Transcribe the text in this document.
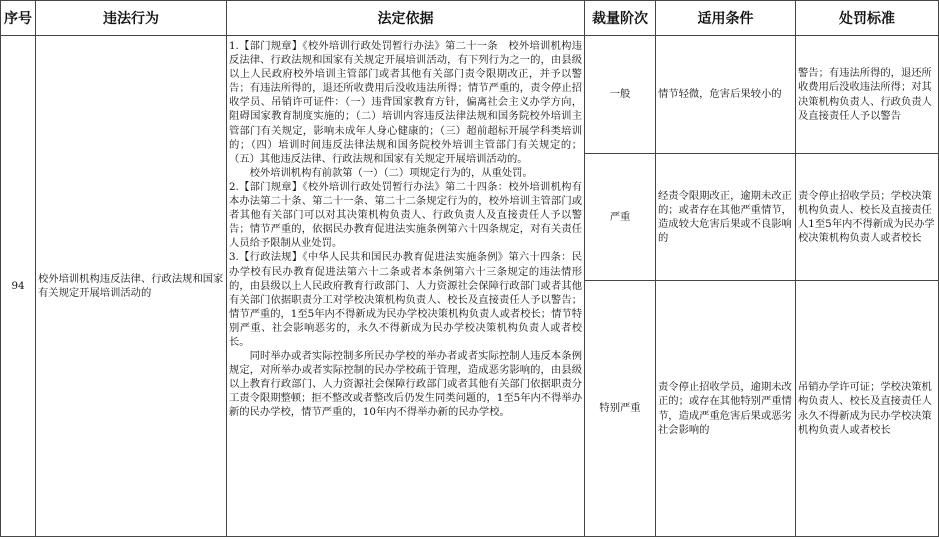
序号	违法行为	法定依据	裁量阶次	适用条件	处罚标准
94	校外培训机构违反法律、行政法规和国家有关规定开展培训活动的	1.【部门规章】《校外培训行政处罚暂行办法》第二十一条　校外培训机构违反法律、行政法规和国家有关规定开展培训活动，有下列行为之一的，由县级以上人民政府校外培训主管部门或者其他有关部门责令限期改正，并予以警告；有违法所得的，退还所收费用后没收违法所得；情节严重的，责令停止招收学员、吊销许可证件：（一）违背国家教育方针，偏离社会主义办学方向，阻碍国家教育制度实施的；（二）培训内容违反法律法规和国务院校外培训主管部门有关规定，影响未成年人身心健康的；（三）超前超标开展学科类培训的；（四）培训时间违反法律法规和国务院校外培训主管部门有关规定的；（五）其他违反法律、行政法规和国家有关规定开展培训活动的。

校外培训机构有前款第（一）（二）项规定行为的，从重处罚。

2.【部门规章】《校外培训行政处罚暂行办法》第二十四条：校外培训机构有本办法第二十条、第二十一条、第二十二条规定行为的，校外培训主管部门或者其他有关部门可以对其决策机构负责人、行政负责人及直接责任人予以警告；情节严重的，依据民办教育促进法实施条例第六十四条规定，对有关责任人员给予限制从业处罚。

3.【行政法规】《中华人民共和国民办教育促进法实施条例》第六十四条：民办学校有民办教育促进法第六十二条或者本条例第六十三条规定的违法情形的，由县级以上人民政府教育行政部门、人力资源社会保障行政部门或者其他有关部门依据职责分工对学校决策机构负责人、校长及直接责任人予以警告；情节严重的，1至5年内不得新成为民办学校决策机构负责人或者校长；情节特别严重、社会影响恶劣的，永久不得新成为民办学校决策机构负责人或者校长。

同时举办或者实际控制多所民办学校的举办者或者实际控制人违反本条例规定，对所举办或者实际控制的民办学校疏于管理，造成恶劣影响的，由县级以上教育行政部门、人力资源社会保障行政部门或者其他有关部门依据职责分工责令限期整顿；拒不整改或者整改后仍发生同类问题的，1至5年内不得举办新的民办学校，情节严重的，10年内不得举办新的民办学校。	一般	情节轻微，危害后果较小的	警告；有违法所得的，退还所收费用后没收违法所得；对其决策机构负责人、行政负责人及直接责任人予以警告
			严重	经责令限期改正，逾期未改正的；或者存在其他严重情节，造成较大危害后果或不良影响的	责令停止招收学员；学校决策机构负责人、校长及直接责任人1至5年内不得新成为民办学校决策机构负责人或者校长
			特别严重	责令停止招收学员，逾期未改正的；或存在其他特别严重情节，造成严重危害后果或恶劣社会影响的	吊销办学许可证；学校决策机构负责人、校长及直接责任人永久不得新成为民办学校决策机构负责人或者校长
